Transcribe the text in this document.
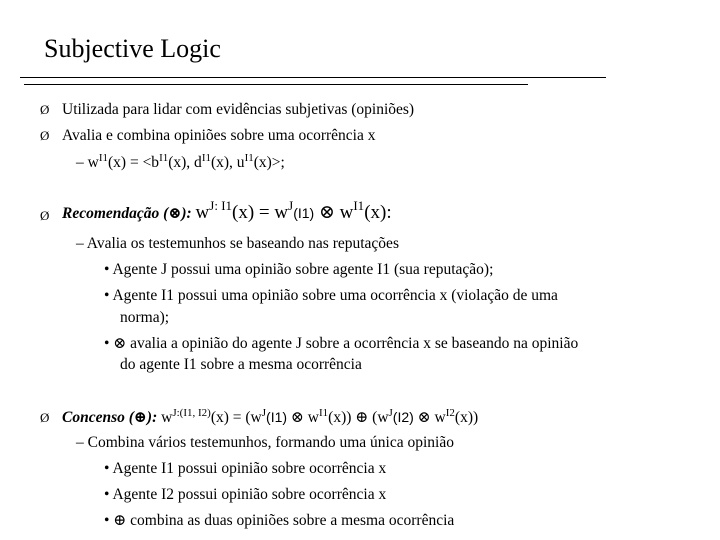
Subjective Logic
Ø Utilizada para lidar com evidências subjetivas (opiniões)
Ø Avalia e combina opiniões sobre uma ocorrência x
– $w^{I1}(x) = <b^{I1}(x)$, $d^{I1}(x)$, $u^{I1}(x)>$;
Ø Recomendação (⊗): $w^{J: I1}(x) = w^J(I1)$ ⊗ $w^{I1}(x)$:
– Avalia os testemunhos se baseando nas reputações
• Agente J possui uma opinião sobre agente I1 (sua reputação);
• Agente I1 possui uma opinião sobre uma ocorrência x (violação de uma
norma);
• ⊗ avalia a opinião do agente J sobre a ocorrência x se baseando na opinião
do agente I1 sobre a mesma ocorrência
Ø Concenso (⊕): $w^{J:(I1, I2)}(x) = (w^J(I1)$ ⊗ $w^{I1}(x)$) ⊕ ($w^J(I2)$ ⊗ $w^{I2}(x)$)
– Combina vários testemunhos, formando uma única opinião
• Agente I1 possui opinião sobre ocorrência x
• Agente I2 possui opinião sobre ocorrência x
• ⊕ combina as duas opiniões sobre a mesma ocorrência
